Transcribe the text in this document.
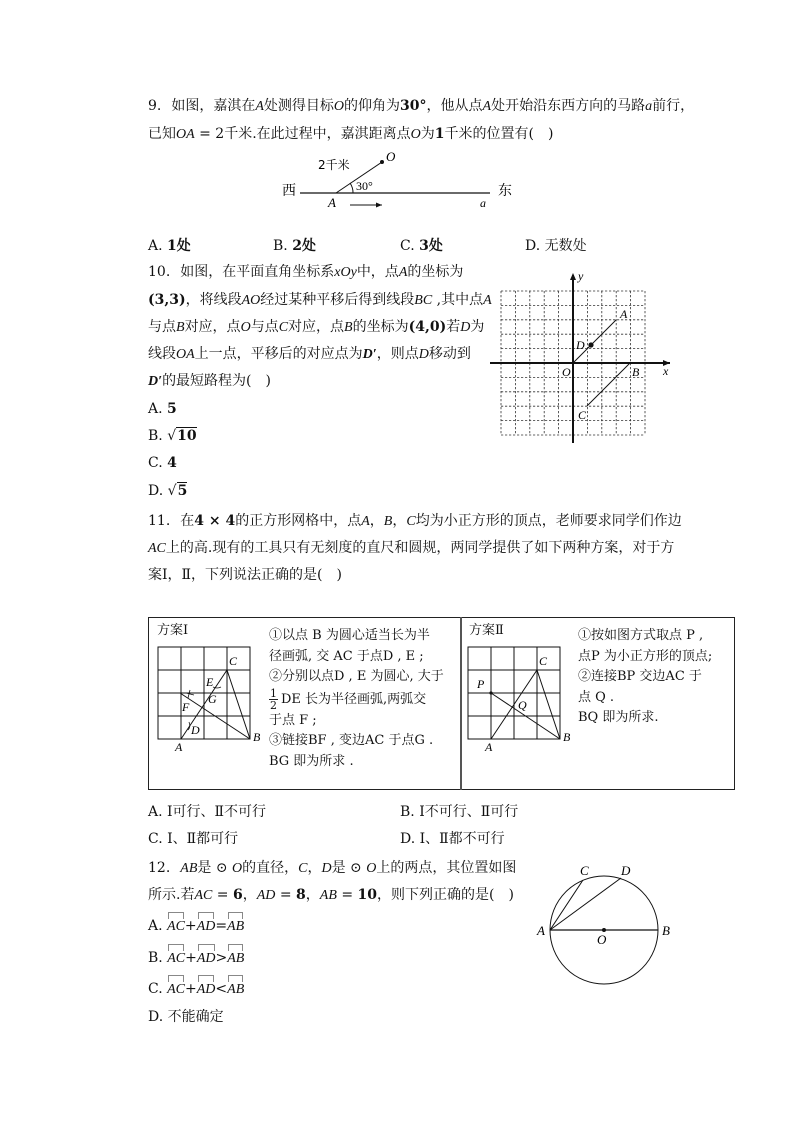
9. 如图，嘉淇在A处测得目标O的仰角为30°，他从点A处开始沿东西方向的马路a前行，
已知OA = 2千米.在此过程中，嘉淇距离点O为1千米的位置有(　)
西	东
O
30°
2千米
A	a
A. 1处	B. 2处	C. 3处	D. 无数处
10. 如图，在平面直角坐标系xOy中，点A的坐标为
(3,3)，将线段AO经过某种平移后得到线段BC ,其中点A
与点B对应，点O与点C对应，点B的坐标为(4,0)若D为
线段OA上一点，平移后的对应点为D′，则点D移动到
D′的最短路程为(　)
A. 5
B. √10
C. 4
D. √5
y
x
O
A
B
C
D
11. 在4 × 4的正方形网格中，点A，B，C均为小正方形的顶点，老师要求同学们作边
AC上的高.现有的工具只有无刻度的直尺和圆规，两同学提供了如下两种方案，对于方
案Ⅰ，Ⅱ，下列说法正确的是(　)
方案Ⅰ
C
E
G
F
D
A
B
①以点 B 为圆心适当长为半
径画弧, 交 AC 于点D , E ;
②分别以点D , E 为圆心, 大于
$\frac{1}{2}$ DE 长为半径画弧,两弧交
于点 F ;
③链接BF , 变边AC 于点G .
BG 即为所求 .
方案Ⅱ
C
P
Q
A
B
①按如图方式取点 P ,
点P 为小正方形的顶点;
②连接BP 交边AC 于
点 Q .
BQ 即为所求.
A. Ⅰ可行、Ⅱ不可行	B. Ⅰ不可行、Ⅱ可行
C. Ⅰ、Ⅱ都可行	D. Ⅰ、Ⅱ都不可行
12. AB是 ⊙ O的直径，C，D是 ⊙ O上的两点，其位置如图
所示.若AC = 6，AD = 8，AB = 10，则下列正确的是(　)
A. AC+AD=AB
B. AC+AD>AB
C. AC+AD<AB
D. 不能确定
A	B
C D
O
